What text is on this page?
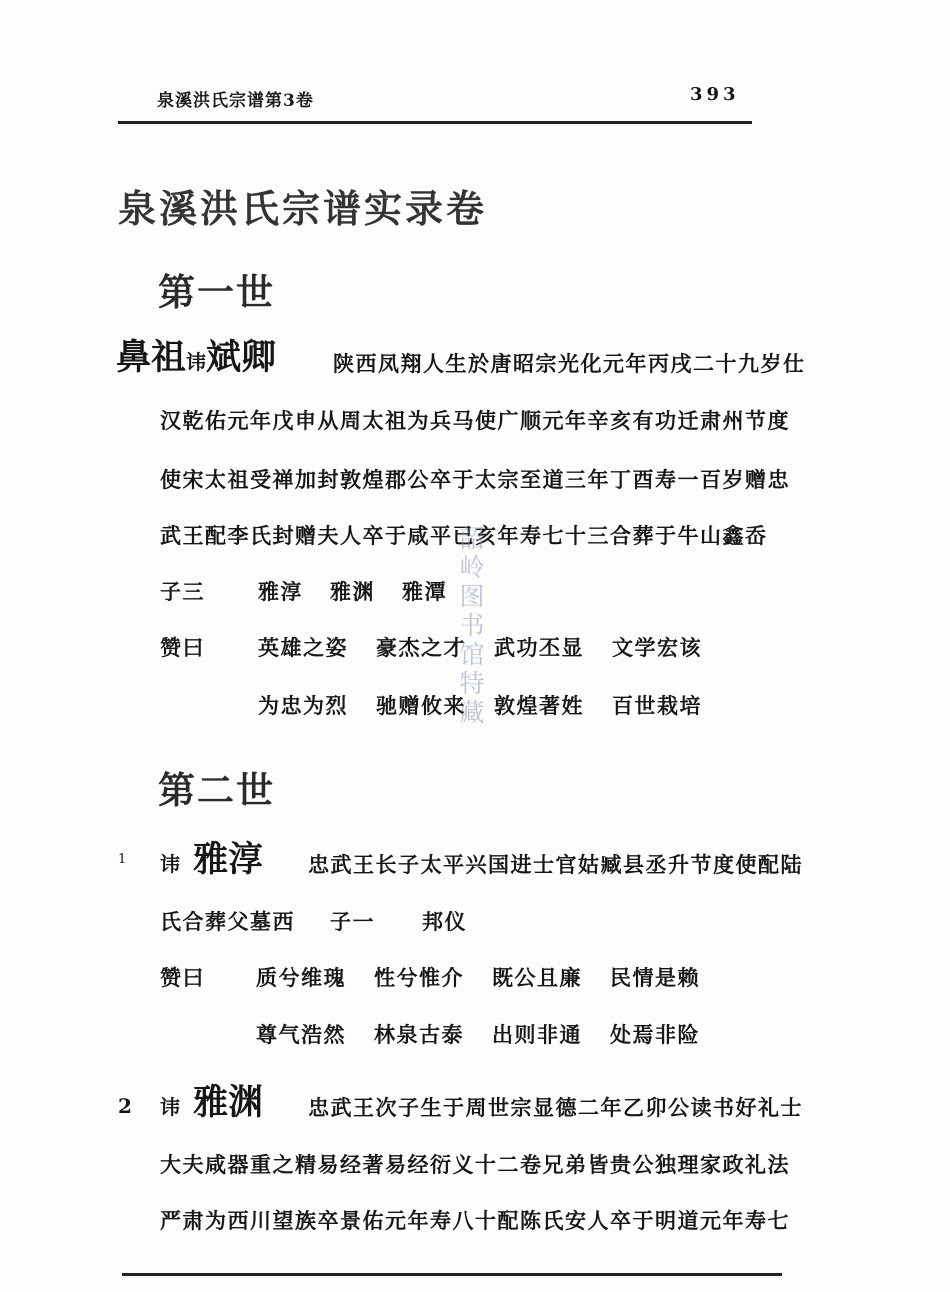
泉溪洪氏宗谱第3卷	393
泉溪洪氏宗谱实录卷
第一世
鼻祖讳斌卿	陕西凤翔人生於唐昭宗光化元年丙戌二十九岁仕
汉乾佑元年戊申从周太祖为兵马使广顺元年辛亥有功迁肃州节度
使宋太祖受禅加封敦煌郡公卒于太宗至道三年丁酉寿一百岁赠忠
武王配李氏封赠夫人卒于咸平已亥年寿七十三合葬于牛山鑫岙
子三	雅淳 雅渊 雅潭
赞曰	英雄之姿 豪杰之才 武功丕显 文学宏该
为忠为烈 驰赠攸来 敦煌著姓 百世栽培
第二世
1 讳 雅淳 忠武王长子太平兴国进士官姑臧县丞升节度使配陆
氏合葬父墓西 子一 邦仪
赞曰 质兮维瑰 性兮惟介 既公且廉 民情是赖
尊气浩然 林泉古泰 出则非通 处焉非险
2 讳 雅渊 忠武王次子生于周世宗显德二年乙卯公读书好礼士
大夫咸器重之精易经著易经衍义十二卷兄弟皆贵公独理家政礼法
严肃为西川望族卒景佑元年寿八十配陈氏安人卒于明道元年寿七
韶岭图书馆特藏
